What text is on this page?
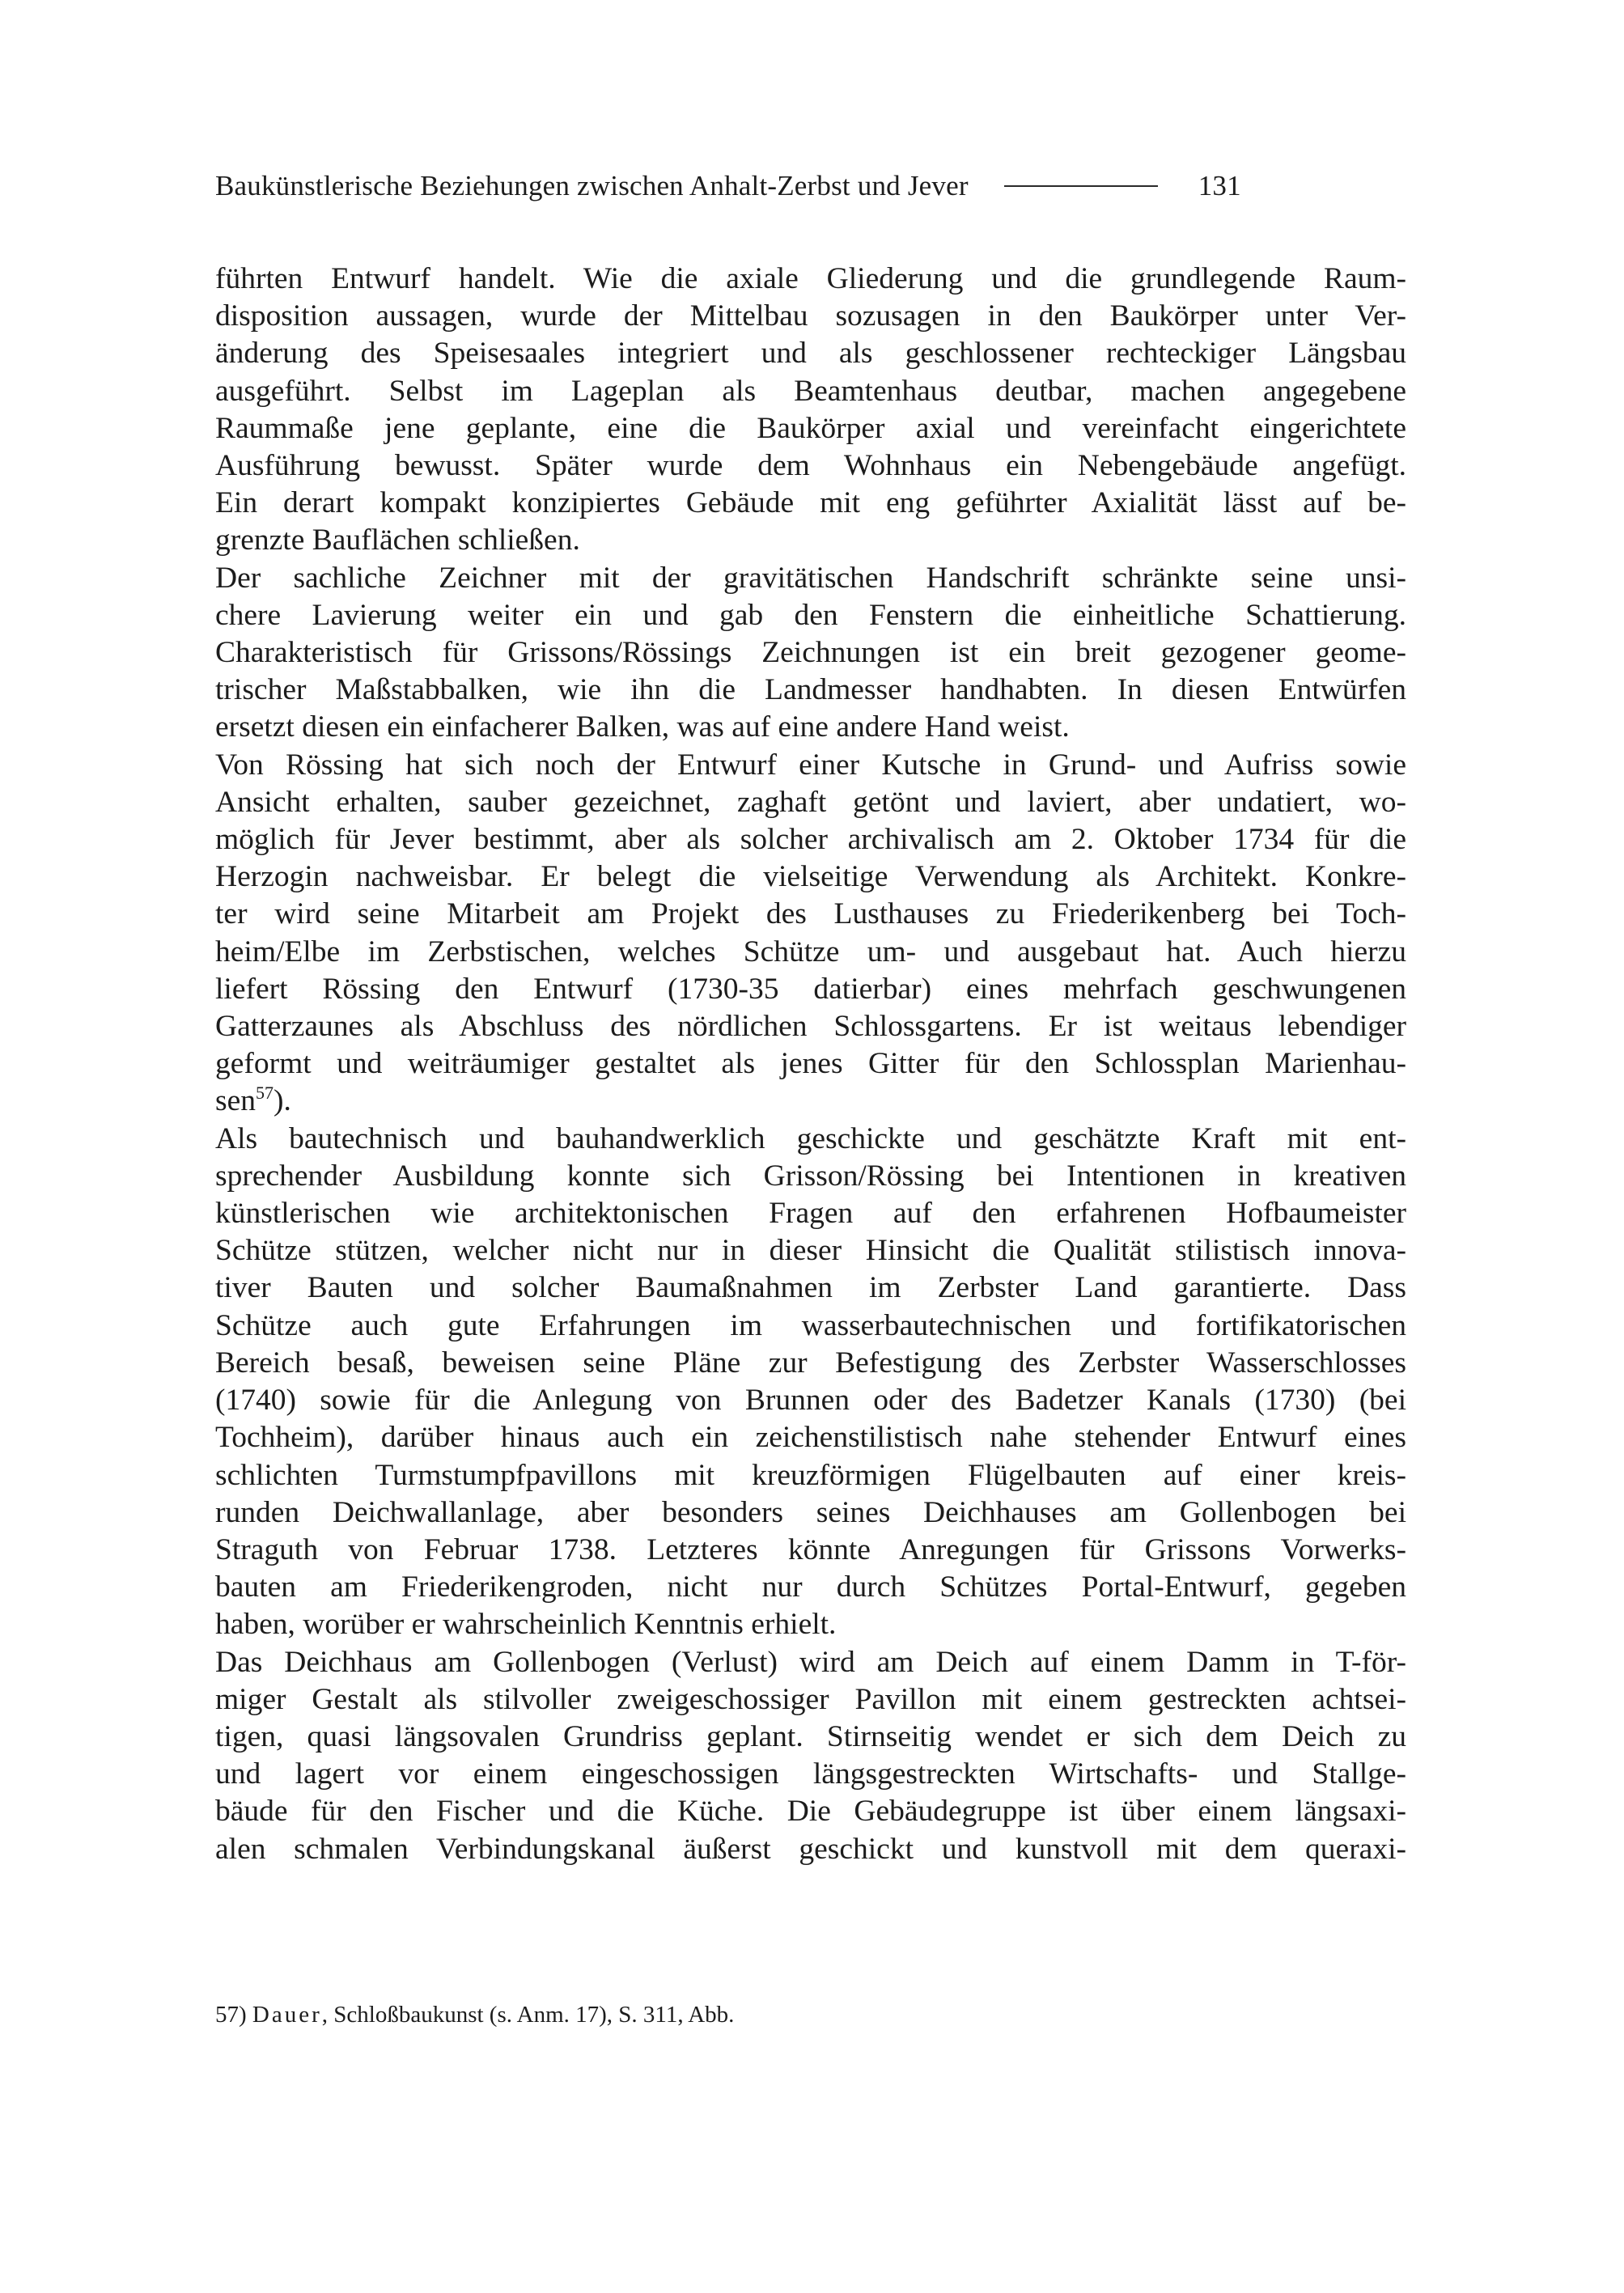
Baukünstlerische Beziehungen zwischen Anhalt-Zerbst und Jever	131
führten Entwurf handelt. Wie die axiale Gliederung und die grundlegende Raum-
disposition aussagen, wurde der Mittelbau sozusagen in den Baukörper unter Ver-
änderung des Speisesaales integriert und als geschlossener rechteckiger Längsbau
ausgeführt. Selbst im Lageplan als Beamtenhaus deutbar, machen angegebene
Raummaße jene geplante, eine die Baukörper axial und vereinfacht eingerichtete
Ausführung bewusst. Später wurde dem Wohnhaus ein Nebengebäude angefügt.
Ein derart kompakt konzipiertes Gebäude mit eng geführter Axialität lässt auf be-
grenzte Bauflächen schließen.
Der sachliche Zeichner mit der gravitätischen Handschrift schränkte seine unsi-
chere Lavierung weiter ein und gab den Fenstern die einheitliche Schattierung.
Charakteristisch für Grissons/Rössings Zeichnungen ist ein breit gezogener geome-
trischer Maßstabbalken, wie ihn die Landmesser handhabten. In diesen Entwürfen
ersetzt diesen ein einfacherer Balken, was auf eine andere Hand weist.
Von Rössing hat sich noch der Entwurf einer Kutsche in Grund- und Aufriss sowie
Ansicht erhalten, sauber gezeichnet, zaghaft getönt und laviert, aber undatiert, wo-
möglich für Jever bestimmt, aber als solcher archivalisch am 2. Oktober 1734 für die
Herzogin nachweisbar. Er belegt die vielseitige Verwendung als Architekt. Konkre-
ter wird seine Mitarbeit am Projekt des Lusthauses zu Friederikenberg bei Toch-
heim/Elbe im Zerbstischen, welches Schütze um- und ausgebaut hat. Auch hierzu
liefert Rössing den Entwurf (1730-35 datierbar) eines mehrfach geschwungenen
Gatterzaunes als Abschluss des nördlichen Schlossgartens. Er ist weitaus lebendiger
geformt und weiträumiger gestaltet als jenes Gitter für den Schlossplan Marienhau-
sen$^{57}$).
Als bautechnisch und bauhandwerklich geschickte und geschätzte Kraft mit ent-
sprechender Ausbildung konnte sich Grisson/Rössing bei Intentionen in kreativen
künstlerischen wie architektonischen Fragen auf den erfahrenen Hofbaumeister
Schütze stützen, welcher nicht nur in dieser Hinsicht die Qualität stilistisch innova-
tiver Bauten und solcher Baumaßnahmen im Zerbster Land garantierte. Dass
Schütze auch gute Erfahrungen im wasserbautechnischen und fortifikatorischen
Bereich besaß, beweisen seine Pläne zur Befestigung des Zerbster Wasserschlosses
(1740) sowie für die Anlegung von Brunnen oder des Badetzer Kanals (1730) (bei
Tochheim), darüber hinaus auch ein zeichenstilistisch nahe stehender Entwurf eines
schlichten Turmstumpfpavillons mit kreuzförmigen Flügelbauten auf einer kreis-
runden Deichwallanlage, aber besonders seines Deichhauses am Gollenbogen bei
Straguth von Februar 1738. Letzteres könnte Anregungen für Grissons Vorwerks-
bauten am Friederikengroden, nicht nur durch Schützes Portal-Entwurf, gegeben
haben, worüber er wahrscheinlich Kenntnis erhielt.
Das Deichhaus am Gollenbogen (Verlust) wird am Deich auf einem Damm in T-för-
miger Gestalt als stilvoller zweigeschossiger Pavillon mit einem gestreckten achtsei-
tigen, quasi längsovalen Grundriss geplant. Stirnseitig wendet er sich dem Deich zu
und lagert vor einem eingeschossigen längsgestreckten Wirtschafts- und Stallge-
bäude für den Fischer und die Küche. Die Gebäudegruppe ist über einem längsaxi-
alen schmalen Verbindungskanal äußerst geschickt und kunstvoll mit dem queraxi-
57) Dauer, Schloßbaukunst (s. Anm. 17), S. 311, Abb.
